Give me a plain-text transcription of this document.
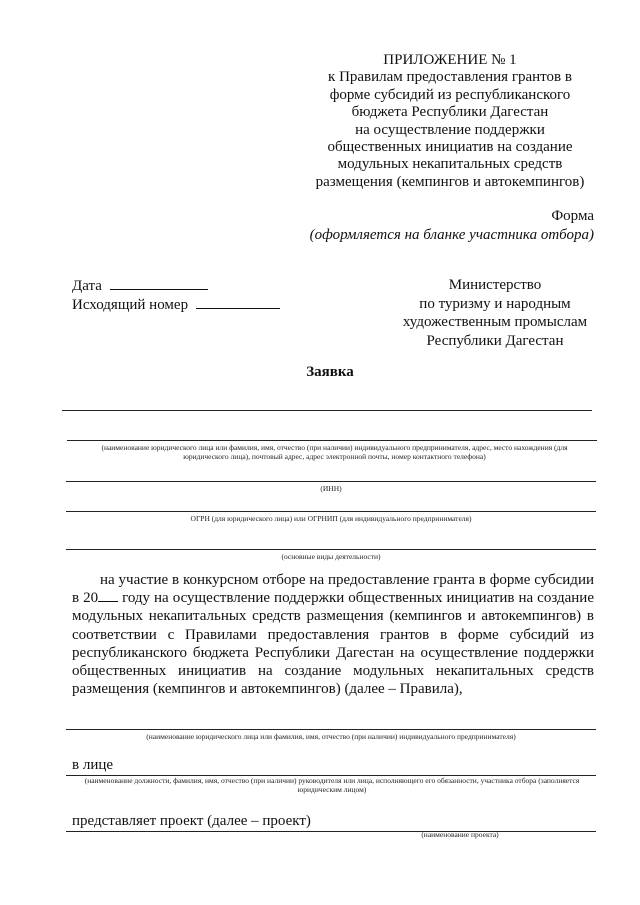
ПРИЛОЖЕНИЕ № 1
к Правилам предоставления грантов в
форме субсидий из республиканского
бюджета Республики Дагестан
на осуществление поддержки
общественных инициатив на создание
модульных некапитальных средств
размещения (кемпингов и автокемпингов)
Форма
(оформляется на бланке участника отбора)
Дата
Исходящий номер
Министерство
по туризму и народным
художественным промыслам
Республики Дагестан
Заявка
(наименование юридического лица или фамилия, имя, отчество (при наличии) индивидуального предпринимателя, адрес, место нахождения (для юридического лица), почтовый адрес, адрес электронной почты, номер контактного телефона)
(ИНН)
ОГРН (для юридического лица) или ОГРНИП (для индивидуального предпринимателя)
(основные виды деятельности)
на участие в конкурсном отборе на предоставление гранта в форме субсидии в 20 году на осуществление поддержки общественных инициатив на создание модульных некапитальных средств размещения (кемпингов и автокемпингов) в соответствии с Правилами предоставления грантов в форме субсидий из республиканского бюджета Республики Дагестан на осуществление поддержки общественных инициатив на создание модульных некапитальных средств размещения (кемпингов и автокемпингов) (далее – Правила),
(наименование юридического лица или фамилия, имя, отчество (при наличии) индивидуального предпринимателя)
в лице
(наименование должности, фамилия, имя, отчество (при наличии) руководителя или лица, исполняющего его обязанности, участника отбора (заполняется юридическим лицом)
представляет проект (далее – проект)
(наименование проекта)
